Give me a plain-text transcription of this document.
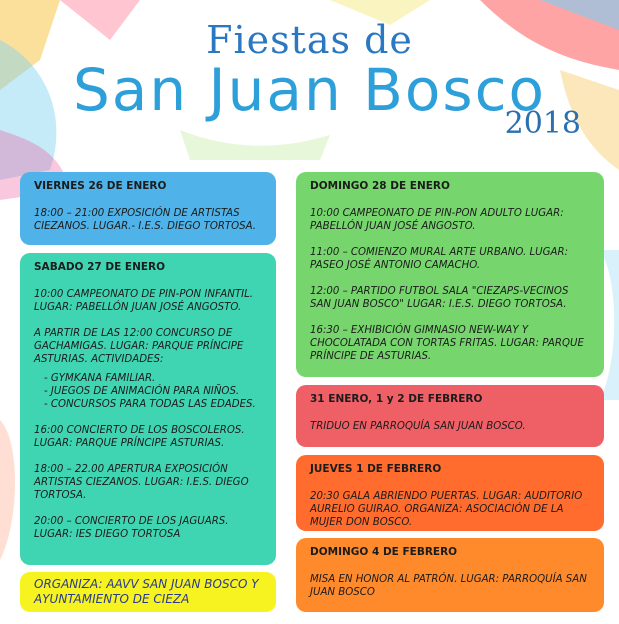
Fiestas de
San Juan Bosco
2018
VIERNES 26 DE ENERO
18:00 – 21:00 EXPOSICIÓN DE ARTISTAS CIEZANOS. LUGAR.- I.E.S. DIEGO TORTOSA.
SABADO 27 DE ENERO
10:00 CAMPEONATO DE PIN-PON INFANTIL. LUGAR: PABELLÓN JUAN JOSÉ ANGOSTO.
A PARTIR DE LAS 12:00 CONCURSO DE GACHAMIGAS. LUGAR: PARQUE PRÍNCIPE ASTURIAS. ACTIVIDADES:
- GYMKANA FAMILIAR.
- JUEGOS DE ANIMACIÓN PARA NIÑOS.
- CONCURSOS PARA TODAS LAS EDADES.
16:00 CONCIERTO DE LOS BOSCOLEROS. LUGAR: PARQUE PRÍNCIPE ASTURIAS.
18:00 – 22.00 APERTURA EXPOSICIÓN ARTISTAS CIEZANOS. LUGAR: I.E.S. DIEGO TORTOSA.
20:00 – CONCIERTO DE LOS JAGUARS. LUGAR: IES DIEGO TORTOSA
ORGANIZA: AAVV SAN JUAN BOSCO Y AYUNTAMIENTO DE CIEZA
DOMINGO 28 DE ENERO
10:00 CAMPEONATO DE PIN-PON ADULTO LUGAR: PABELLÓN JUAN JOSÉ ANGOSTO.
11:00 – COMIENZO MURAL ARTE URBANO. LUGAR: PASEO JOSÉ ANTONIO CAMACHO.
12:00 – PARTIDO FUTBOL SALA "CIEZAPS-VECINOS SAN JUAN BOSCO" LUGAR: I.E.S. DIEGO TORTOSA.
16:30 – EXHIBICIÓN GIMNASIO NEW-WAY Y CHOCOLATADA CON TORTAS FRITAS. LUGAR: PARQUE PRÍNCIPE DE ASTURIAS.
31 ENERO, 1 y 2 DE FEBRERO
TRIDUO EN PARROQUÍA SAN JUAN BOSCO.
JUEVES 1 DE FEBRERO
20:30 GALA ABRIENDO PUERTAS. LUGAR: AUDITORIO AURELIO GUIRAO. ORGANIZA: ASOCIACIÓN DE LA MUJER DON BOSCO.
DOMINGO 4 DE FEBRERO
MISA EN HONOR AL PATRÓN. LUGAR: PARROQUÍA SAN JUAN BOSCO
